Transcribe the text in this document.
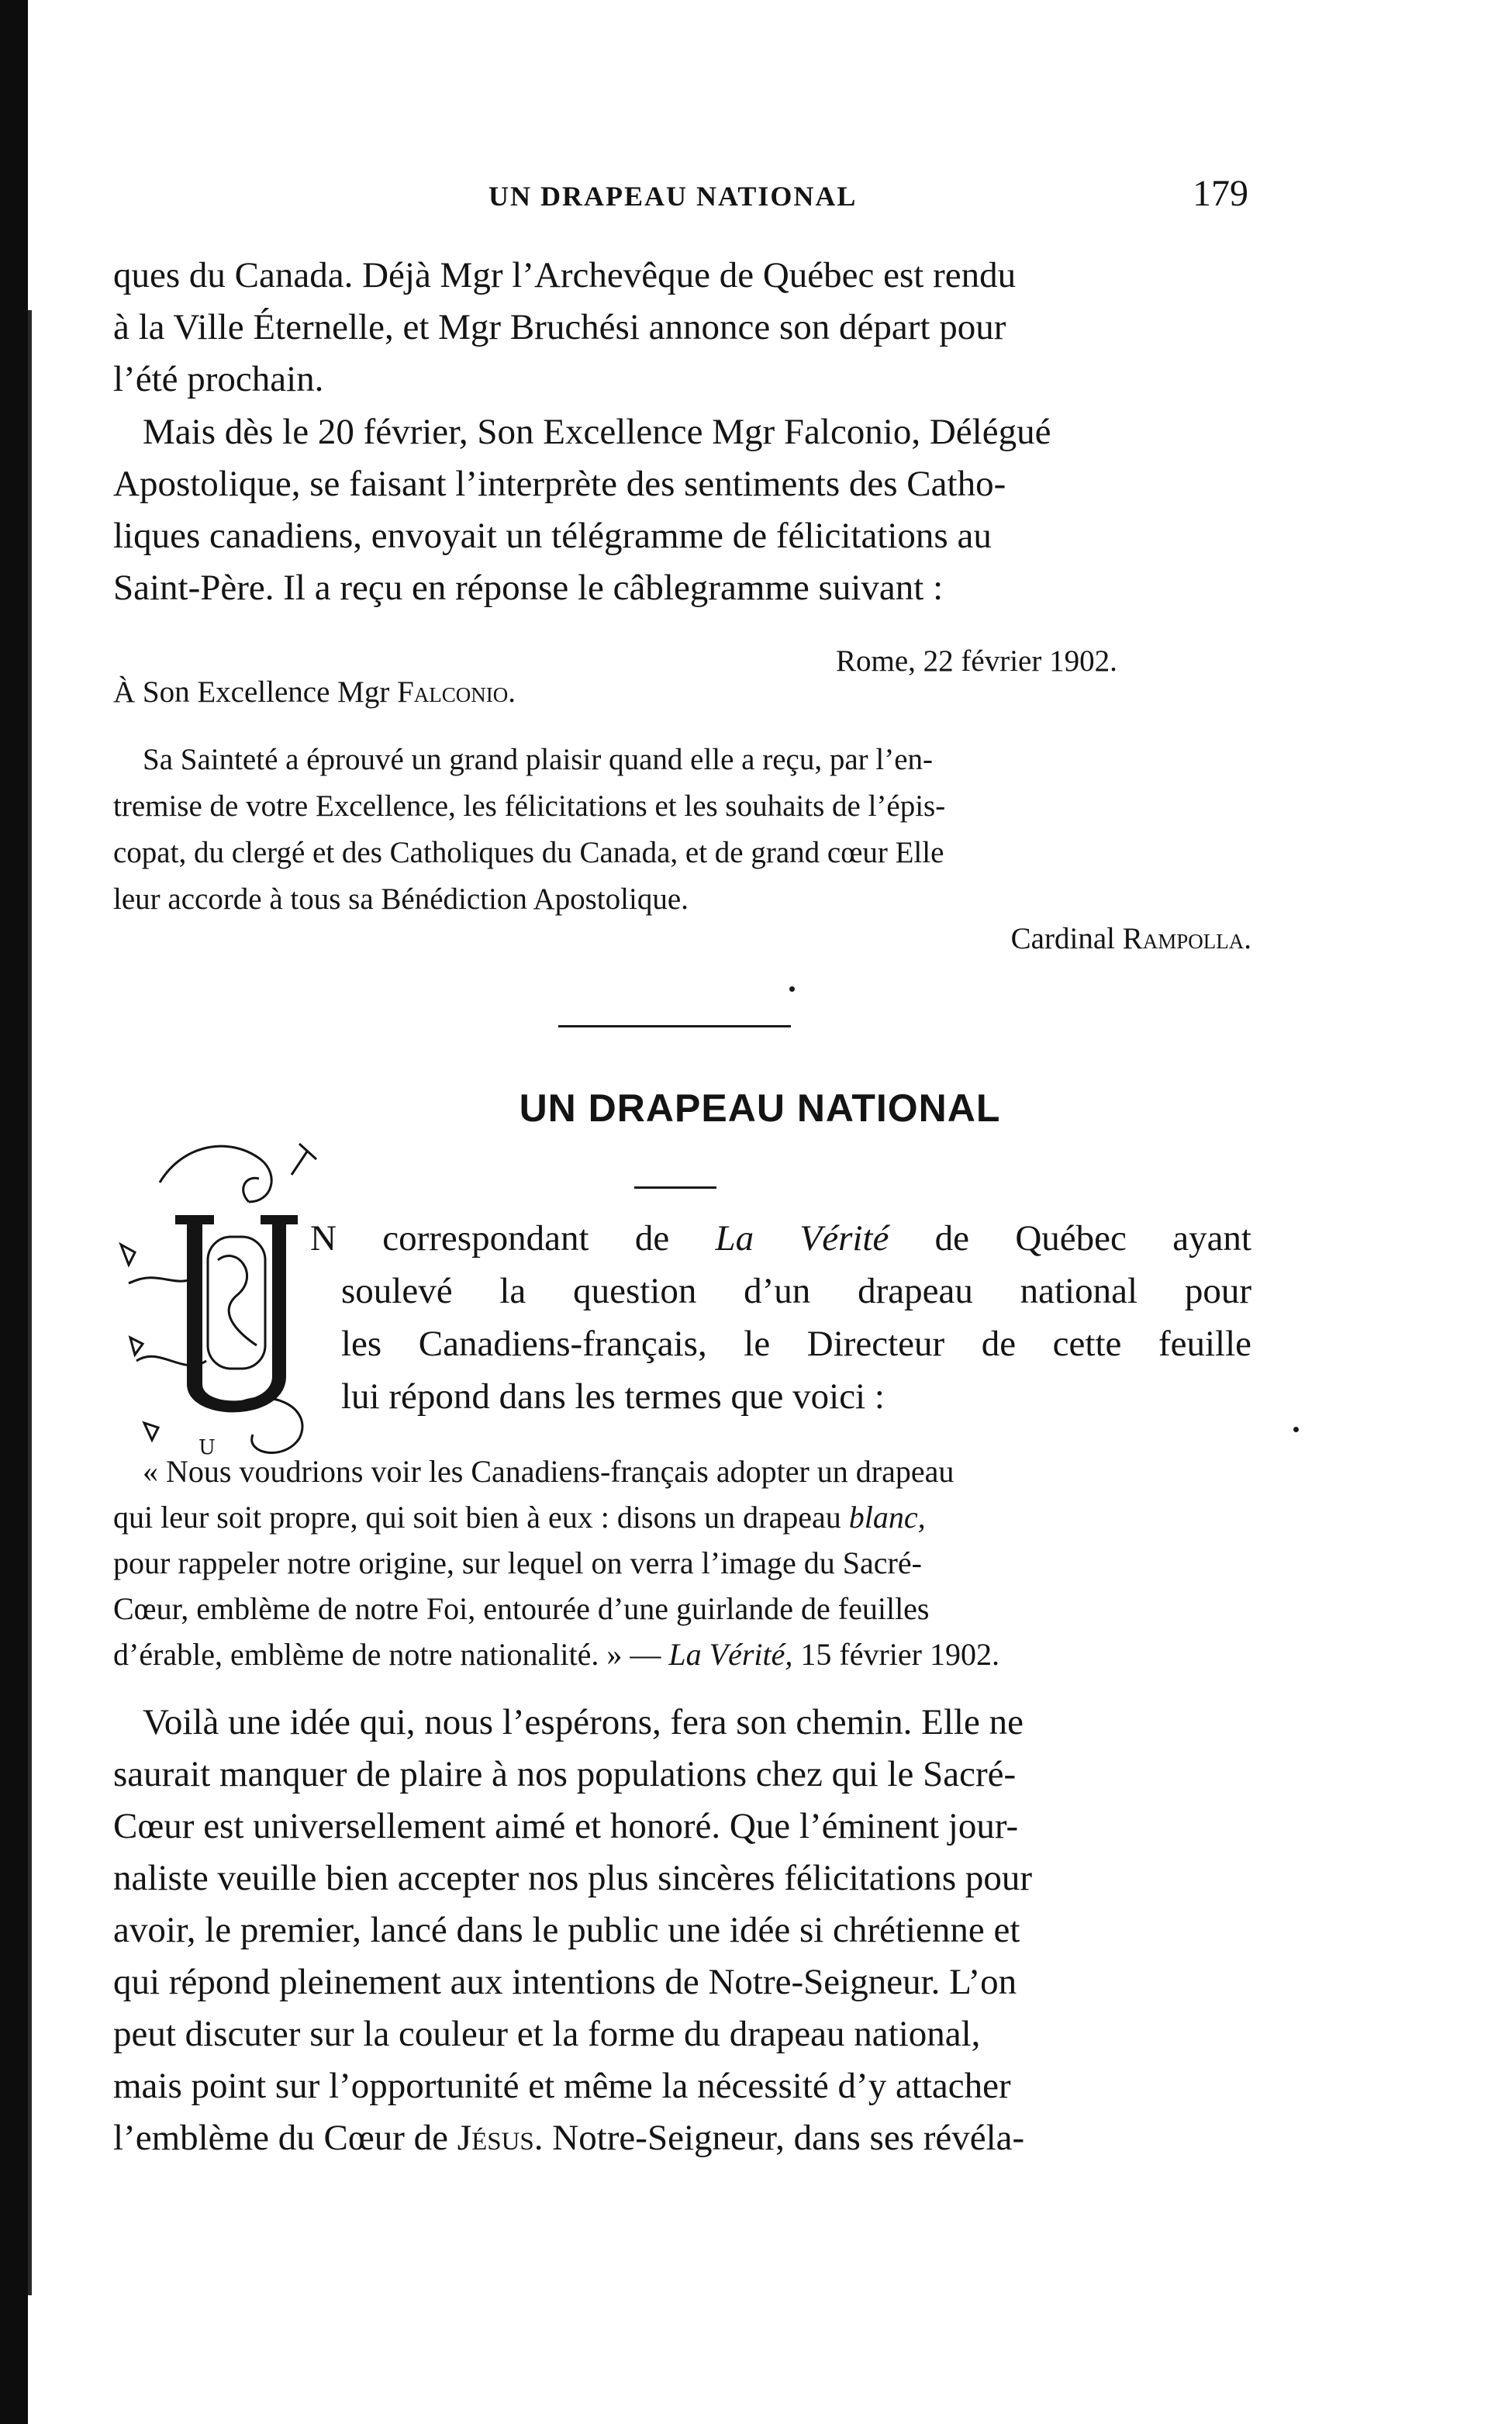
UN DRAPEAU NATIONAL	179

ques du Canada. Déjà Mgr l’Archevêque de Québec est rendu

à la Ville Éternelle, et Mgr Bruchési annonce son départ pour

l’été prochain.

Mais dès le 20 février, Son Excellence Mgr Falconio, Délégué

Apostolique, se faisant l’interprète des sentiments des Catho-

liques canadiens, envoyait un télégramme de félicitations au

Saint-Père. Il a reçu en réponse le câblegramme suivant :

Rome, 22 février 1902.
À Son Excellence Mgr Falconio.

Sa Sainteté a éprouvé un grand plaisir quand elle a reçu, par l’en-

tremise de votre Excellence, les félicitations et les souhaits de l’épis-

copat, du clergé et des Catholiques du Canada, et de grand cœur Elle

leur accorde à tous sa Bénédiction Apostolique.

Cardinal Rampolla.
UN DRAPEAU NATIONAL
U
N correspondant de La Vérité de Québec ayant
soulevé la question d’un drapeau national pour
les Canadiens-français, le Directeur de cette feuille
lui répond dans les termes que voici :

« Nous voudrions voir les Canadiens-français adopter un drapeau

qui leur soit propre, qui soit bien à eux : disons un drapeau blanc,

pour rappeler notre origine, sur lequel on verra l’image du Sacré-

Cœur, emblème de notre Foi, entourée d’une guirlande de feuilles

d’érable, emblème de notre nationalité. » — La Vérité, 15 février 1902.

Voilà une idée qui, nous l’espérons, fera son chemin. Elle ne

saurait manquer de plaire à nos populations chez qui le Sacré-

Cœur est universellement aimé et honoré. Que l’éminent jour-

naliste veuille bien accepter nos plus sincères félicitations pour

avoir, le premier, lancé dans le public une idée si chrétienne et

qui répond pleinement aux intentions de Notre-Seigneur. L’on

peut discuter sur la couleur et la forme du drapeau national,

mais point sur l’opportunité et même la nécessité d’y attacher

l’emblème du Cœur de Jésus. Notre-Seigneur, dans ses révéla-
